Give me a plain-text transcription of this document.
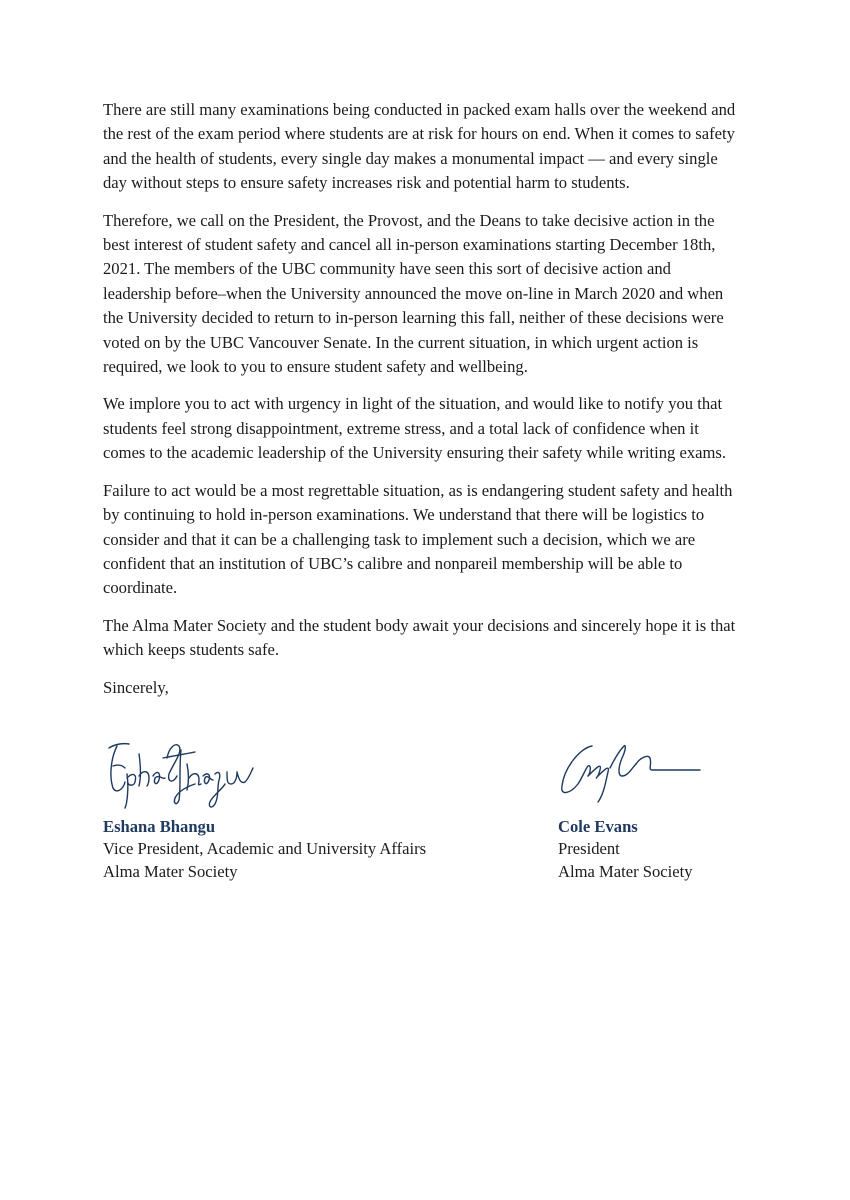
There are still many examinations being conducted in packed exam halls over the weekend and the rest of the exam period where students are at risk for hours on end. When it comes to safety and the health of students, every single day makes a monumental impact — and every single day without steps to ensure safety increases risk and potential harm to students.

Therefore, we call on the President, the Provost, and the Deans to take decisive action in the best interest of student safety and cancel all in-person examinations starting December 18th, 2021. The members of the UBC community have seen this sort of decisive action and leadership before–when the University announced the move on-line in March 2020 and when the University decided to return to in-person learning this fall, neither of these decisions were voted on by the UBC Vancouver Senate. In the current situation, in which urgent action is required, we look to you to ensure student safety and wellbeing.

We implore you to act with urgency in light of the situation, and would like to notify you that students feel strong disappointment, extreme stress, and a total lack of confidence when it comes to the academic leadership of the University ensuring their safety while writing exams.

Failure to act would be a most regrettable situation, as is endangering student safety and health by continuing to hold in-person examinations. We understand that there will be logistics to consider and that it can be a challenging task to implement such a decision, which we are confident that an institution of UBC’s calibre and nonpareil membership will be able to coordinate.

The Alma Mater Society and the student body await your decisions and sincerely hope it is that which keeps students safe.

Sincerely,

Eshana Bhangu
Vice President, Academic and University Affairs
Alma Mater Society
Cole Evans
President
Alma Mater Society
